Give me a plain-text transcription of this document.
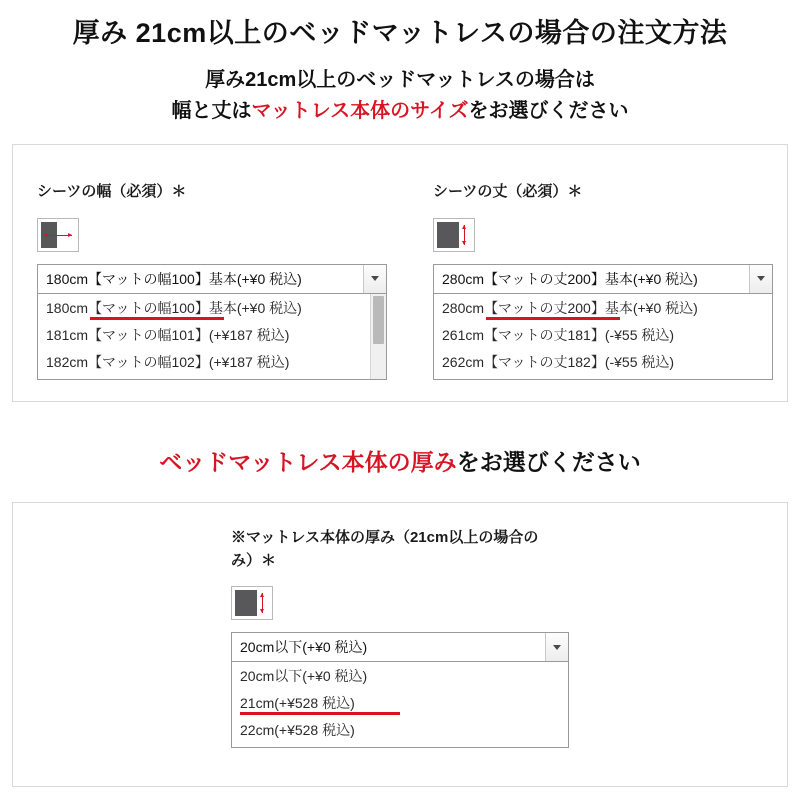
厚み 21cm以上のベッドマットレスの場合の注文方法
厚み21cm以上のベッドマットレスの場合は
幅と丈はマットレス本体のサイズをお選びください
シーツの幅（必須）＊
180cm【マットの幅100】基本(+¥0 税込)
180cm【マットの幅100】基本(+¥0 税込)
181cm【マットの幅101】(+¥187 税込)
182cm【マットの幅102】(+¥187 税込)
シーツの丈（必須）＊
280cm【マットの丈200】基本(+¥0 税込)
280cm【マットの丈200】基本(+¥0 税込)
261cm【マットの丈181】(-¥55 税込)
262cm【マットの丈182】(-¥55 税込)
ベッドマットレス本体の厚みをお選びください
※マットレス本体の厚み（21cm以上の場合の
み）＊
20cm以下(+¥0 税込)
20cm以下(+¥0 税込)
21cm(+¥528 税込)
22cm(+¥528 税込)
